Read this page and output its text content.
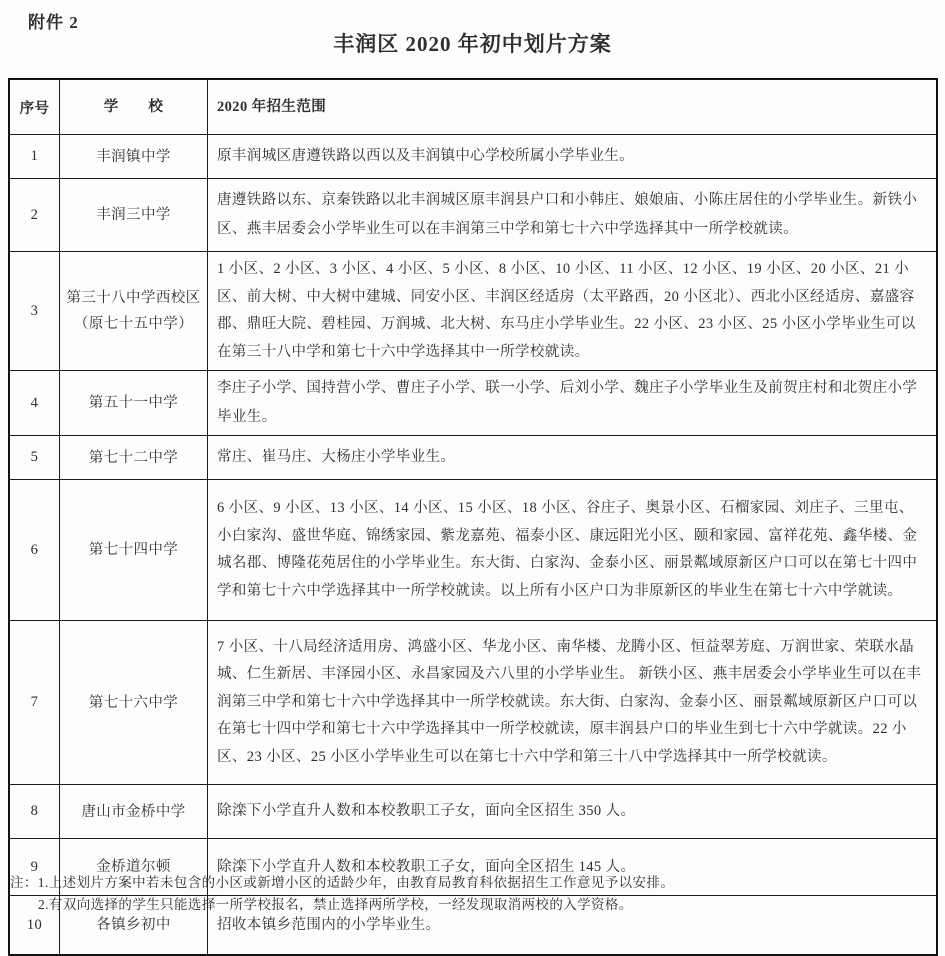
附件 2
丰润区 2020 年初中划片方案
序号	学　　校	2020 年招生范围
1	丰润镇中学	原丰润城区唐遵铁路以西以及丰润镇中心学校所属小学毕业生。
2	丰润三中学	唐遵铁路以东、京秦铁路以北丰润城区原丰润县户口和小韩庄、娘娘庙、小陈庄居住的小学毕业生。新铁小区、燕丰居委会小学毕业生可以在丰润第三中学和第七十六中学选择其中一所学校就读。
3	第三十八中学西校区（原七十五中学）	1 小区、2 小区、3 小区、4 小区、5 小区、8 小区、10 小区、11 小区、12 小区、19 小区、20 小区、21 小区、前大树、中大树中建城、同安小区、丰润区经适房（太平路西，20 小区北）、西北小区经适房、嘉盛容郡、鼎旺大院、碧桂园、万润城、北大树、东马庄小学毕业生。22 小区、23 小区、25 小区小学毕业生可以在第三十八中学和第七十六中学选择其中一所学校就读。
4	第五十一中学	李庄子小学、国持营小学、曹庄子小学、联一小学、后刘小学、魏庄子小学毕业生及前贺庄村和北贺庄小学毕业生。
5	第七十二中学	常庄、崔马庄、大杨庄小学毕业生。
6	第七十四中学	6 小区、9 小区、13 小区、14 小区、15 小区、18 小区、谷庄子、奥景小区、石榴家园、刘庄子、三里屯、小白家沟、盛世华庭、锦绣家园、紫龙嘉苑、福泰小区、康远阳光小区、颐和家园、富祥花苑、鑫华楼、金城名郡、博隆花苑居住的小学毕业生。东大街、白家沟、金泰小区、丽景粼域原新区户口可以在第七十四中学和第七十六中学选择其中一所学校就读。以上所有小区户口为非原新区的毕业生在第七十六中学就读。
7	第七十六中学	7 小区、十八局经济适用房、鸿盛小区、华龙小区、南华楼、龙腾小区、恒益翠芳庭、万润世家、荣联水晶城、仁生新居、丰泽园小区、永昌家园及六八里的小学毕业生。 新铁小区、燕丰居委会小学毕业生可以在丰润第三中学和第七十六中学选择其中一所学校就读。东大街、白家沟、金泰小区、丽景粼域原新区户口可以在第七十四中学和第七十六中学选择其中一所学校就读，原丰润县户口的毕业生到七十六中学就读。22 小区、23 小区、25 小区小学毕业生可以在第七十六中学和第三十八中学选择其中一所学校就读。
8	唐山市金桥中学	除滦下小学直升人数和本校教职工子女，面向全区招生 350 人。
9	金桥道尔顿	除滦下小学直升人数和本校教职工子女，面向全区招生 145 人。
10	各镇乡初中	招收本镇乡范围内的小学毕业生。
注：1.上述划片方案中若未包含的小区或新增小区的适龄少年，由教育局教育科依据招生工作意见予以安排。
2.有双向选择的学生只能选择一所学校报名，禁止选择两所学校，一经发现取消两校的入学资格。
